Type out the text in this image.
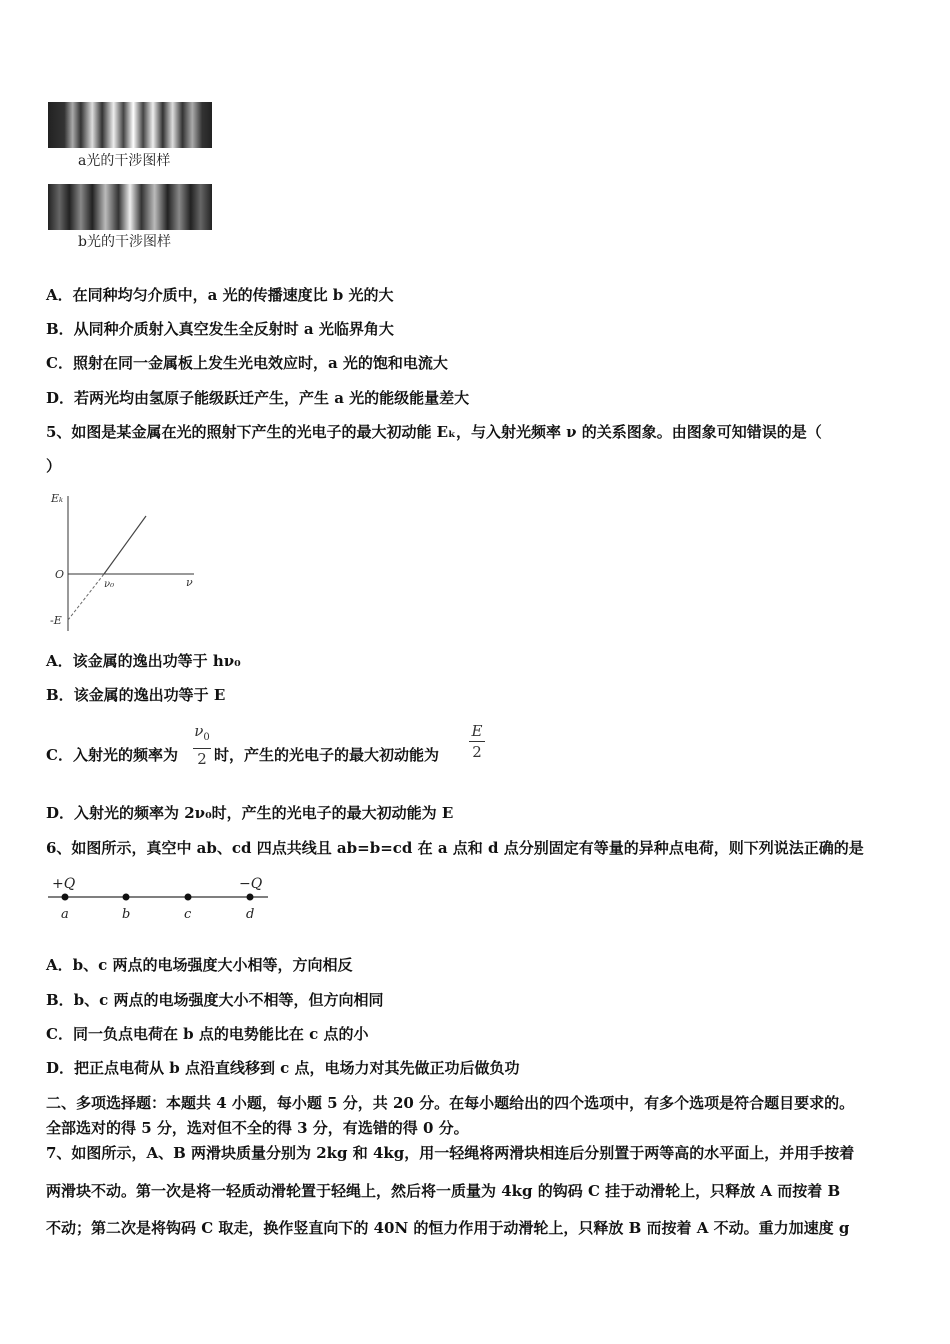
a光的干涉图样
b光的干涉图样
A．在同种均匀介质中，a 光的传播速度比 b 光的大
B．从同种介质射入真空发生全反射时 a 光临界角大
C．照射在同一金属板上发生光电效应时，a 光的饱和电流大
D．若两光均由氢原子能级跃迁产生，产生 a 光的能级能量差大
5、如图是某金属在光的照射下产生的光电子的最大初动能 Eₖ，与入射光频率 ν 的关系图象。由图象可知错误的是（
）
Eₖ
O
ν
ν₀
-E
A．该金属的逸出功等于 hν₀
B．该金属的逸出功等于 E
C．入射光的频率为
$\nu_0$
2 时，产生的光电子的最大初动能为
E
2
D．入射光的频率为 2ν₀时，产生的光电子的最大初动能为 E
6、如图所示，真空中 ab、cd 四点共线且 ab=b=cd 在 a 点和 d 点分别固定有等量的异种点电荷，则下列说法正确的是
+Q	−Q
a	b	c	d
A．b、c 两点的电场强度大小相等，方向相反
B．b、c 两点的电场强度大小不相等，但方向相同
C．同一负点电荷在 b 点的电势能比在 c 点的小
D．把正点电荷从 b 点沿直线移到 c 点，电场力对其先做正功后做负功
二、多项选择题：本题共 4 小题，每小题 5 分，共 20 分。在每小题给出的四个选项中，有多个选项是符合题目要求的。
全部选对的得 5 分，选对但不全的得 3 分，有选错的得 0 分。
7、如图所示，A、B 两滑块质量分别为 2kg 和 4kg，用一轻绳将两滑块相连后分别置于两等高的水平面上，并用手按着
两滑块不动。第一次是将一轻质动滑轮置于轻绳上，然后将一质量为 4kg 的钩码 C 挂于动滑轮上，只释放 A 而按着 B
不动；第二次是将钩码 C 取走，换作竖直向下的 40N 的恒力作用于动滑轮上，只释放 B 而按着 A 不动。重力加速度 g
